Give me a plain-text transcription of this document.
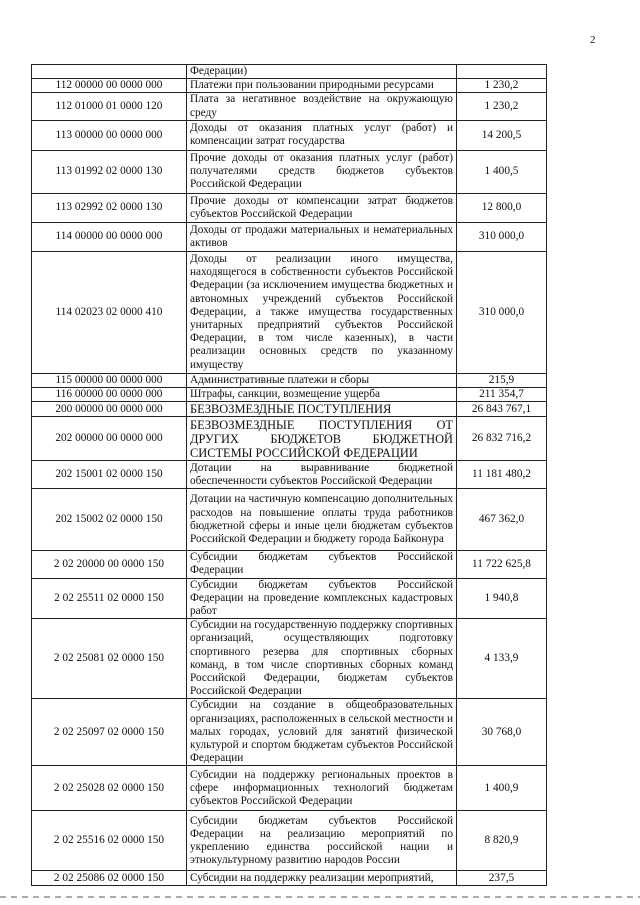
2
	Федерации)	
112 00000 00 0000 000	Платежи при пользовании природными ресурсами	1 230,2
112 01000 01 0000 120	Плата за негативное воздействие на окружающую среду	1 230,2
113 00000 00 0000 000	Доходы от оказания платных услуг (работ) и компенсации затрат государства	14 200,5
113 01992 02 0000 130	Прочие доходы от оказания платных услуг (работ) получателями средств бюджетов субъектов Российской Федерации	1 400,5
113 02992 02 0000 130	Прочие доходы от компенсации затрат бюджетов субъектов Российской Федерации	12 800,0
114 00000 00 0000 000	Доходы от продажи материальных и нематериальных активов	310 000,0
114 02023 02 0000 410	Доходы от реализации иного имущества, находящегося в собственности субъектов Российской Федерации (за исключением имущества бюджетных и автономных учреждений субъектов Российской Федерации, а также имущества государственных унитарных предприятий субъектов Российской Федерации, в том числе казенных), в части реализации основных средств по указанному имуществу	310 000,0
115 00000 00 0000 000	Административные платежи и сборы	215,9
116 00000 00 0000 000	Штрафы, санкции, возмещение ущерба	211 354,7
200 00000 00 0000 000	БЕЗВОЗМЕЗДНЫЕ ПОСТУПЛЕНИЯ	26 843 767,1
202 00000 00 0000 000	БЕЗВОЗМЕЗДНЫЕ ПОСТУПЛЕНИЯ ОТ ДРУГИХ БЮДЖЕТОВ БЮДЖЕТНОЙ СИСТЕМЫ РОССИЙСКОЙ ФЕДЕРАЦИИ	26 832 716,2
202 15001 02 0000 150	Дотации на выравнивание бюджетной обеспеченности субъектов Российской Федерации	11 181 480,2
202 15002 02 0000 150	Дотации на частичную компенсацию дополнительных расходов на повышение оплаты труда работников бюджетной сферы и иные цели бюджетам субъектов Российской Федерации и бюджету города Байконура	467 362,0
2 02 20000 00 0000 150	Субсидии бюджетам субъектов Российской Федерации	11 722 625,8
2 02 25511 02 0000 150	Субсидии бюджетам субъектов Российской Федерации на проведение комплексных кадастровых работ	1 940,8
2 02 25081 02 0000 150	Субсидии на государственную поддержку спортивных организаций, осуществляющих подготовку спортивного резерва для спортивных сборных команд, в том числе спортивных сборных команд Российской Федерации, бюджетам субъектов Российской Федерации	4 133,9
2 02 25097 02 0000 150	Субсидии на создание в общеобразовательных организациях, расположенных в сельской местности и малых городах, условий для занятий физической культурой и спортом бюджетам субъектов Российской Федерации	30 768,0
2 02 25028 02 0000 150	Субсидии на поддержку региональных проектов в сфере информационных технологий бюджетам субъектов Российской Федерации	1 400,9
2 02 25516 02 0000 150	Субсидии бюджетам субъектов Российской Федерации на реализацию мероприятий по укреплению единства российской нации и этнокультурному развитию народов России	8 820,9
2 02 25086 02 0000 150	Субсидии на поддержку реализации мероприятий,	237,5
